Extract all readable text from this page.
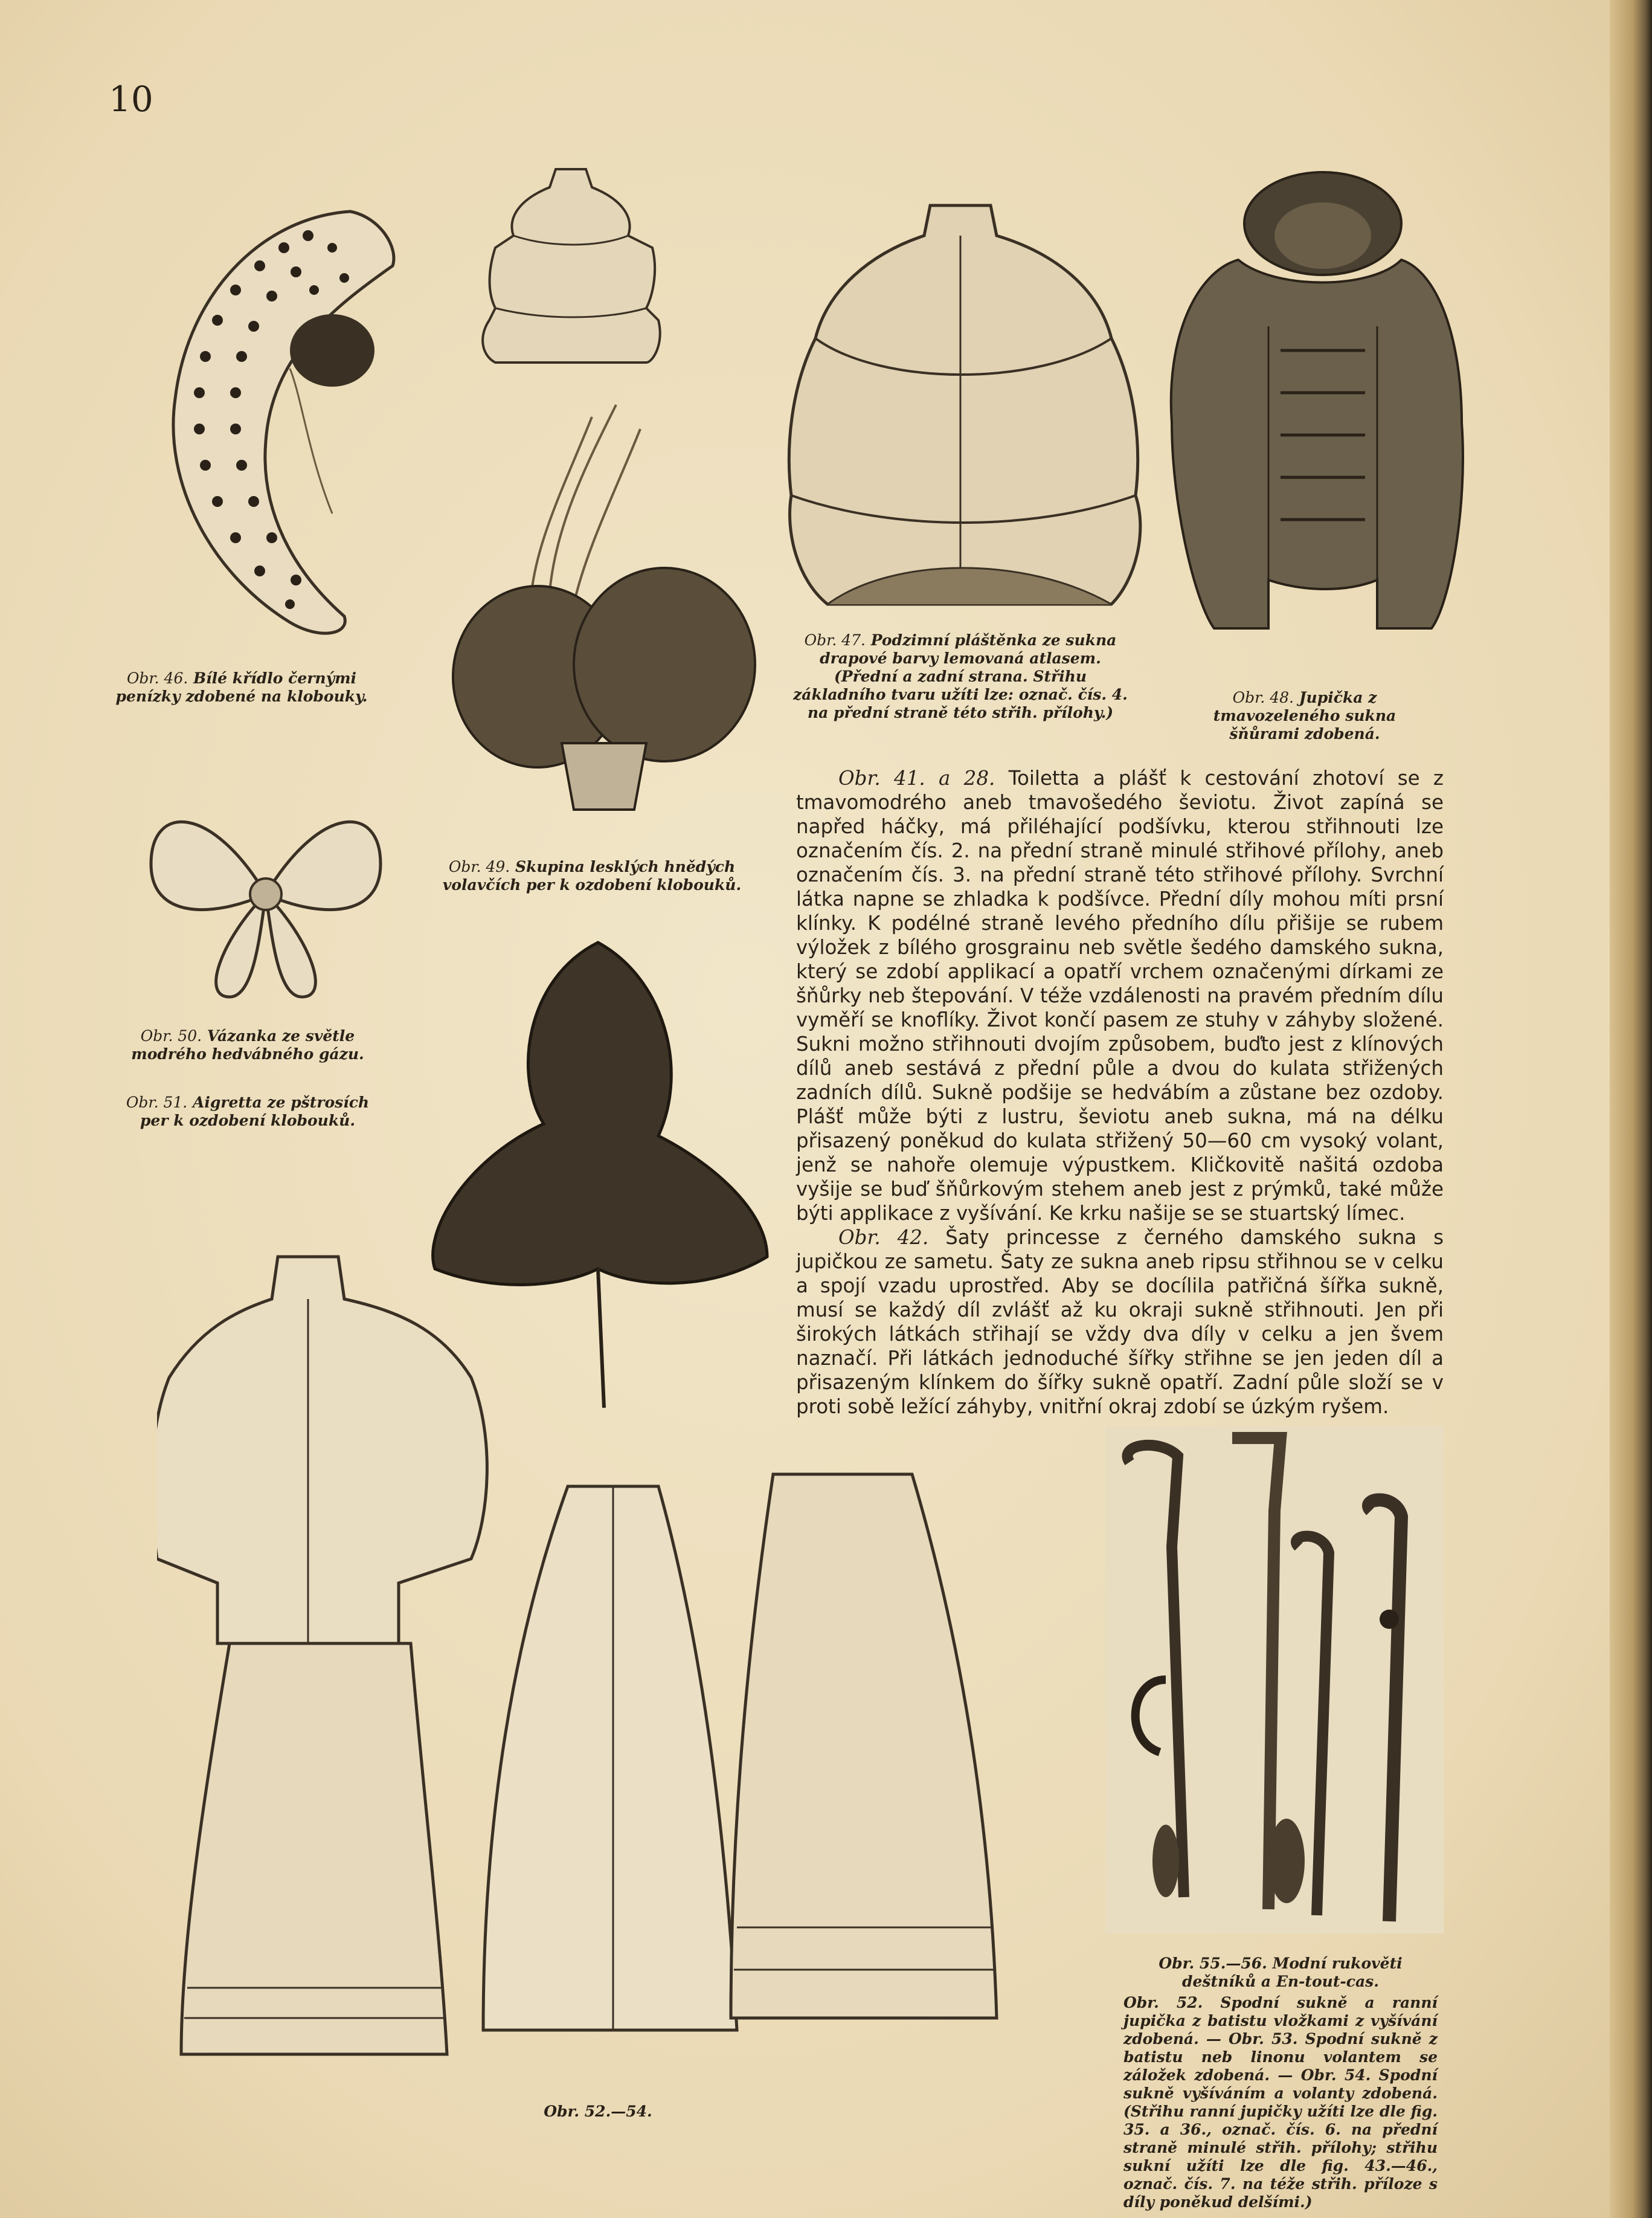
10
Obr. 46. Bílé křídlo černými penízky zdobené na klobouky.
Obr. 47. Podzimní pláštěnka ze sukna drapové barvy lemovaná atlasem. (Přední a zadní strana. Střihu základního tvaru užíti lze: označ. čís. 4. na přední straně této střih. přílohy.)
Obr. 48. Jupička z tmavozeleného sukna šňůrami zdobená.
Obr. 49. Skupina lesklých hnědých volavčích per k ozdobení klobouků.
Obr. 50. Vázanka ze světle modrého hedvábného gázu.
Obr. 51. Aigretta ze pštrosích per k ozdobení klobouků.

Obr. 41. a 28. Toiletta a plášť k cestování zhotoví se z tmavomodrého aneb tmavošedého ševiotu. Život zapíná se napřed háčky, má přiléhající podšívku, kterou střihnouti lze označením čís. 2. na přední straně minulé střihové přílohy, aneb označením čís. 3. na přední straně této střihové přílohy. Svrchní látka napne se zhladka k podšívce. Přední díly mohou míti prsní klínky. K podélné straně levého předního dílu přišije se rubem výložek z bílého grosgrainu neb světle šedého damského sukna, který se zdobí applikací a opatří vrchem označenými dírkami ze šňůrky neb štepování. V téže vzdálenosti na pravém předním dílu vyměří se knoflíky. Život končí pasem ze stuhy v záhyby složené. Sukni možno střihnouti dvojím způsobem, buďto jest z klínových dílů aneb sestává z přední půle a dvou do kulata střižených zadních dílů. Sukně podšije se hedvábím a zůstane bez ozdoby. Plášť může býti z lustru, ševiotu aneb sukna, má na délku přisazený poněkud do kulata střižený 50—60 cm vysoký volant, jenž se nahoře olemuje výpustkem. Kličkovitě našitá ozdoba vyšije se buď šňůrkovým stehem aneb jest z prýmků, také může býti applikace z vyšívání. Ke krku našije se se stuartský límec.

Obr. 42. Šaty princesse z černého damského sukna s jupičkou ze sametu. Šaty ze sukna aneb ripsu střihnou se v celku a spojí vzadu uprostřed. Aby se docílila patřičná šířka sukně, musí se každý díl zvlášť až ku okraji sukně střihnouti. Jen při širokých látkách střihají se vždy dva díly v celku a jen švem naznačí. Při látkách jednoduché šířky střihne se jen jeden díl a přisazeným klínkem do šířky sukně opatří. Zadní půle složí se v proti sobě ležící záhyby, vnitřní okraj zdobí se úzkým ryšem.

Obr. 52.—54.
Obr. 55.—56. Modní rukověti deštníků a En-tout-cas.
Obr. 52. Spodní sukně a ranní jupička z batistu vložkami z vyšívání zdobená. — Obr. 53. Spodní sukně z batistu neb linonu volantem se záložek zdobená. — Obr. 54. Spodní sukně vyšíváním a volanty zdobená. (Střihu ranní jupičky užíti lze dle fig. 35. a 36., označ. čís. 6. na přední straně minulé střih. přílohy; střihu sukní užíti lze dle fig. 43.—46., označ. čís. 7. na téže střih. příloze s díly poněkud delšími.)
